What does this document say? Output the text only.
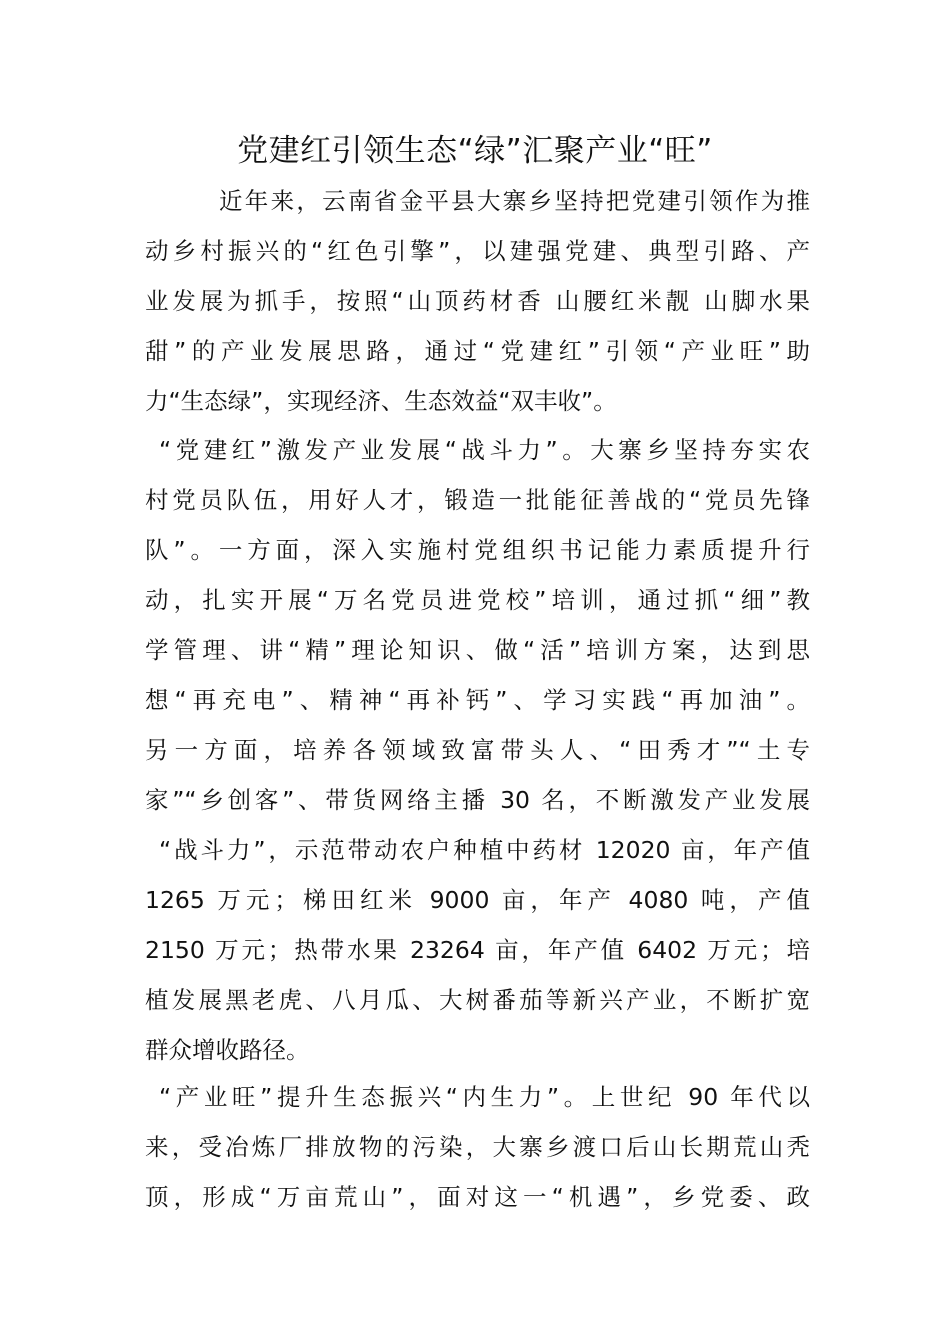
党建红引领生态“绿”汇聚产业“旺”
近年来，云南省金平县大寨乡坚持把党建引领作为推
动乡村振兴的“红色引擎”，以建强党建、典型引路、产
业发展为抓手，按照“山顶药材香 山腰红米靓 山脚水果
甜”的产业发展思路，通过“党建红”引领“产业旺”助
力“生态绿”，实现经济、生态效益“双丰收”。
“党建红”激发产业发展“战斗力”。大寨乡坚持夯实农
村党员队伍，用好人才，锻造一批能征善战的“党员先锋
队”。一方面，深入实施村党组织书记能力素质提升行
动，扎实开展“万名党员进党校”培训，通过抓“细”教
学管理、讲“精”理论知识、做“活”培训方案，达到思
想“再充电”、精神“再补钙”、学习实践“再加油”。
另一方面，培养各领域致富带头人、“田秀才”“土专
家”“乡创客”、带货网络主播 30 名，不断激发产业发展
“战斗力”，示范带动农户种植中药材 12020 亩，年产值
1265 万元；梯田红米 9000 亩，年产 4080 吨，产值
2150 万元；热带水果 23264 亩，年产值 6402 万元；培
植发展黑老虎、八月瓜、大树番茄等新兴产业，不断扩宽
群众增收路径。
“产业旺”提升生态振兴“内生力”。上世纪 90 年代以
来，受冶炼厂排放物的污染，大寨乡渡口后山长期荒山秃
顶，形成“万亩荒山”，面对这一“机遇”，乡党委、政
